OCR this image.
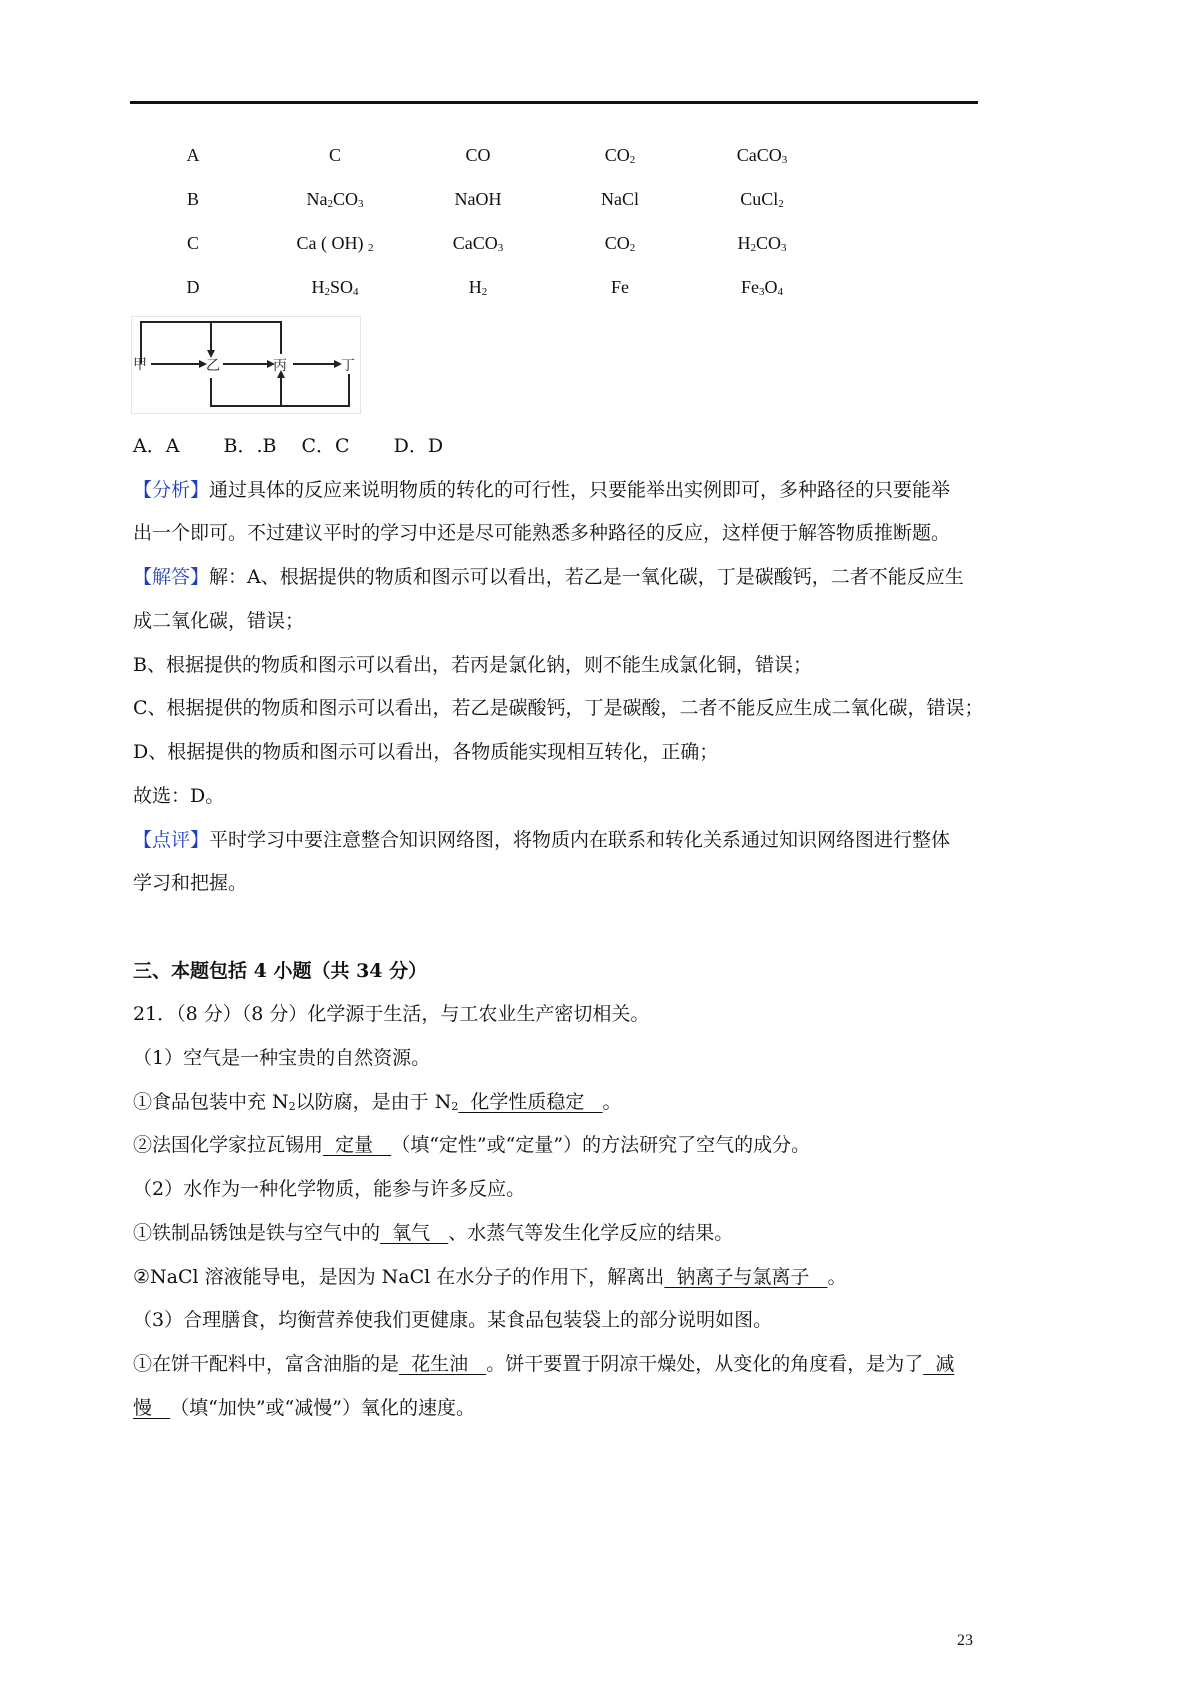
A	C	CO	$CO_2$	CaCO$_3$
B	$Na_2CO_3$	NaOH	NaCl	CuCl$_2$
C	Ca ( OH) $_2$	CaCO$_3$	$CO_2$	$H_2CO_3$
D	$H_2SO_4$	$H_2$	Fe	$Fe_3O_4$
甲	乙	丙	丁
A．A　 　B．.B　 C．C　 　D．D
【分析】通过具体的反应来说明物质的转化的可行性，只要能举出实例即可，多种路径的只要能举
出一个即可。不过建议平时的学习中还是尽可能熟悉多种路径的反应，这样便于解答物质推断题。
【解答】解：A、根据提供的物质和图示可以看出，若乙是一氧化碳，丁是碳酸钙，二者不能反应生
成二氧化碳，错误；
B、根据提供的物质和图示可以看出，若丙是氯化钠，则不能生成氯化铜，错误；
C、根据提供的物质和图示可以看出，若乙是碳酸钙，丁是碳酸，二者不能反应生成二氧化碳，错误；
D、根据提供的物质和图示可以看出，各物质能实现相互转化，正确；
故选：D。
【点评】平时学习中要注意整合知识网络图，将物质内在联系和转化关系通过知识网络图进行整体
学习和把握。
三、本题包括 4 小题（共 34 分）
21．（8 分）（8 分）化学源于生活，与工农业生产密切相关。
（1）空气是一种宝贵的自然资源。
①食品包装中充 $N_2$以防腐，是由于 $N_2$  化学性质稳定   。
②法国化学家拉瓦锡用  定量   （填“定性”或“定量”）的方法研究了空气的成分。
（2）水作为一种化学物质，能参与许多反应。
①铁制品锈蚀是铁与空气中的  氧气   、水蒸气等发生化学反应的结果。
②NaCl 溶液能导电，是因为 NaCl 在水分子的作用下，解离出  钠离子与氯离子   。
（3）合理膳食，均衡营养使我们更健康。某食品包装袋上的部分说明如图。
①在饼干配料中，富含油脂的是  花生油   。饼干要置于阴凉干燥处，从变化的角度看，是为了  减
慢   （填“加快”或“减慢”）氧化的速度。
23
